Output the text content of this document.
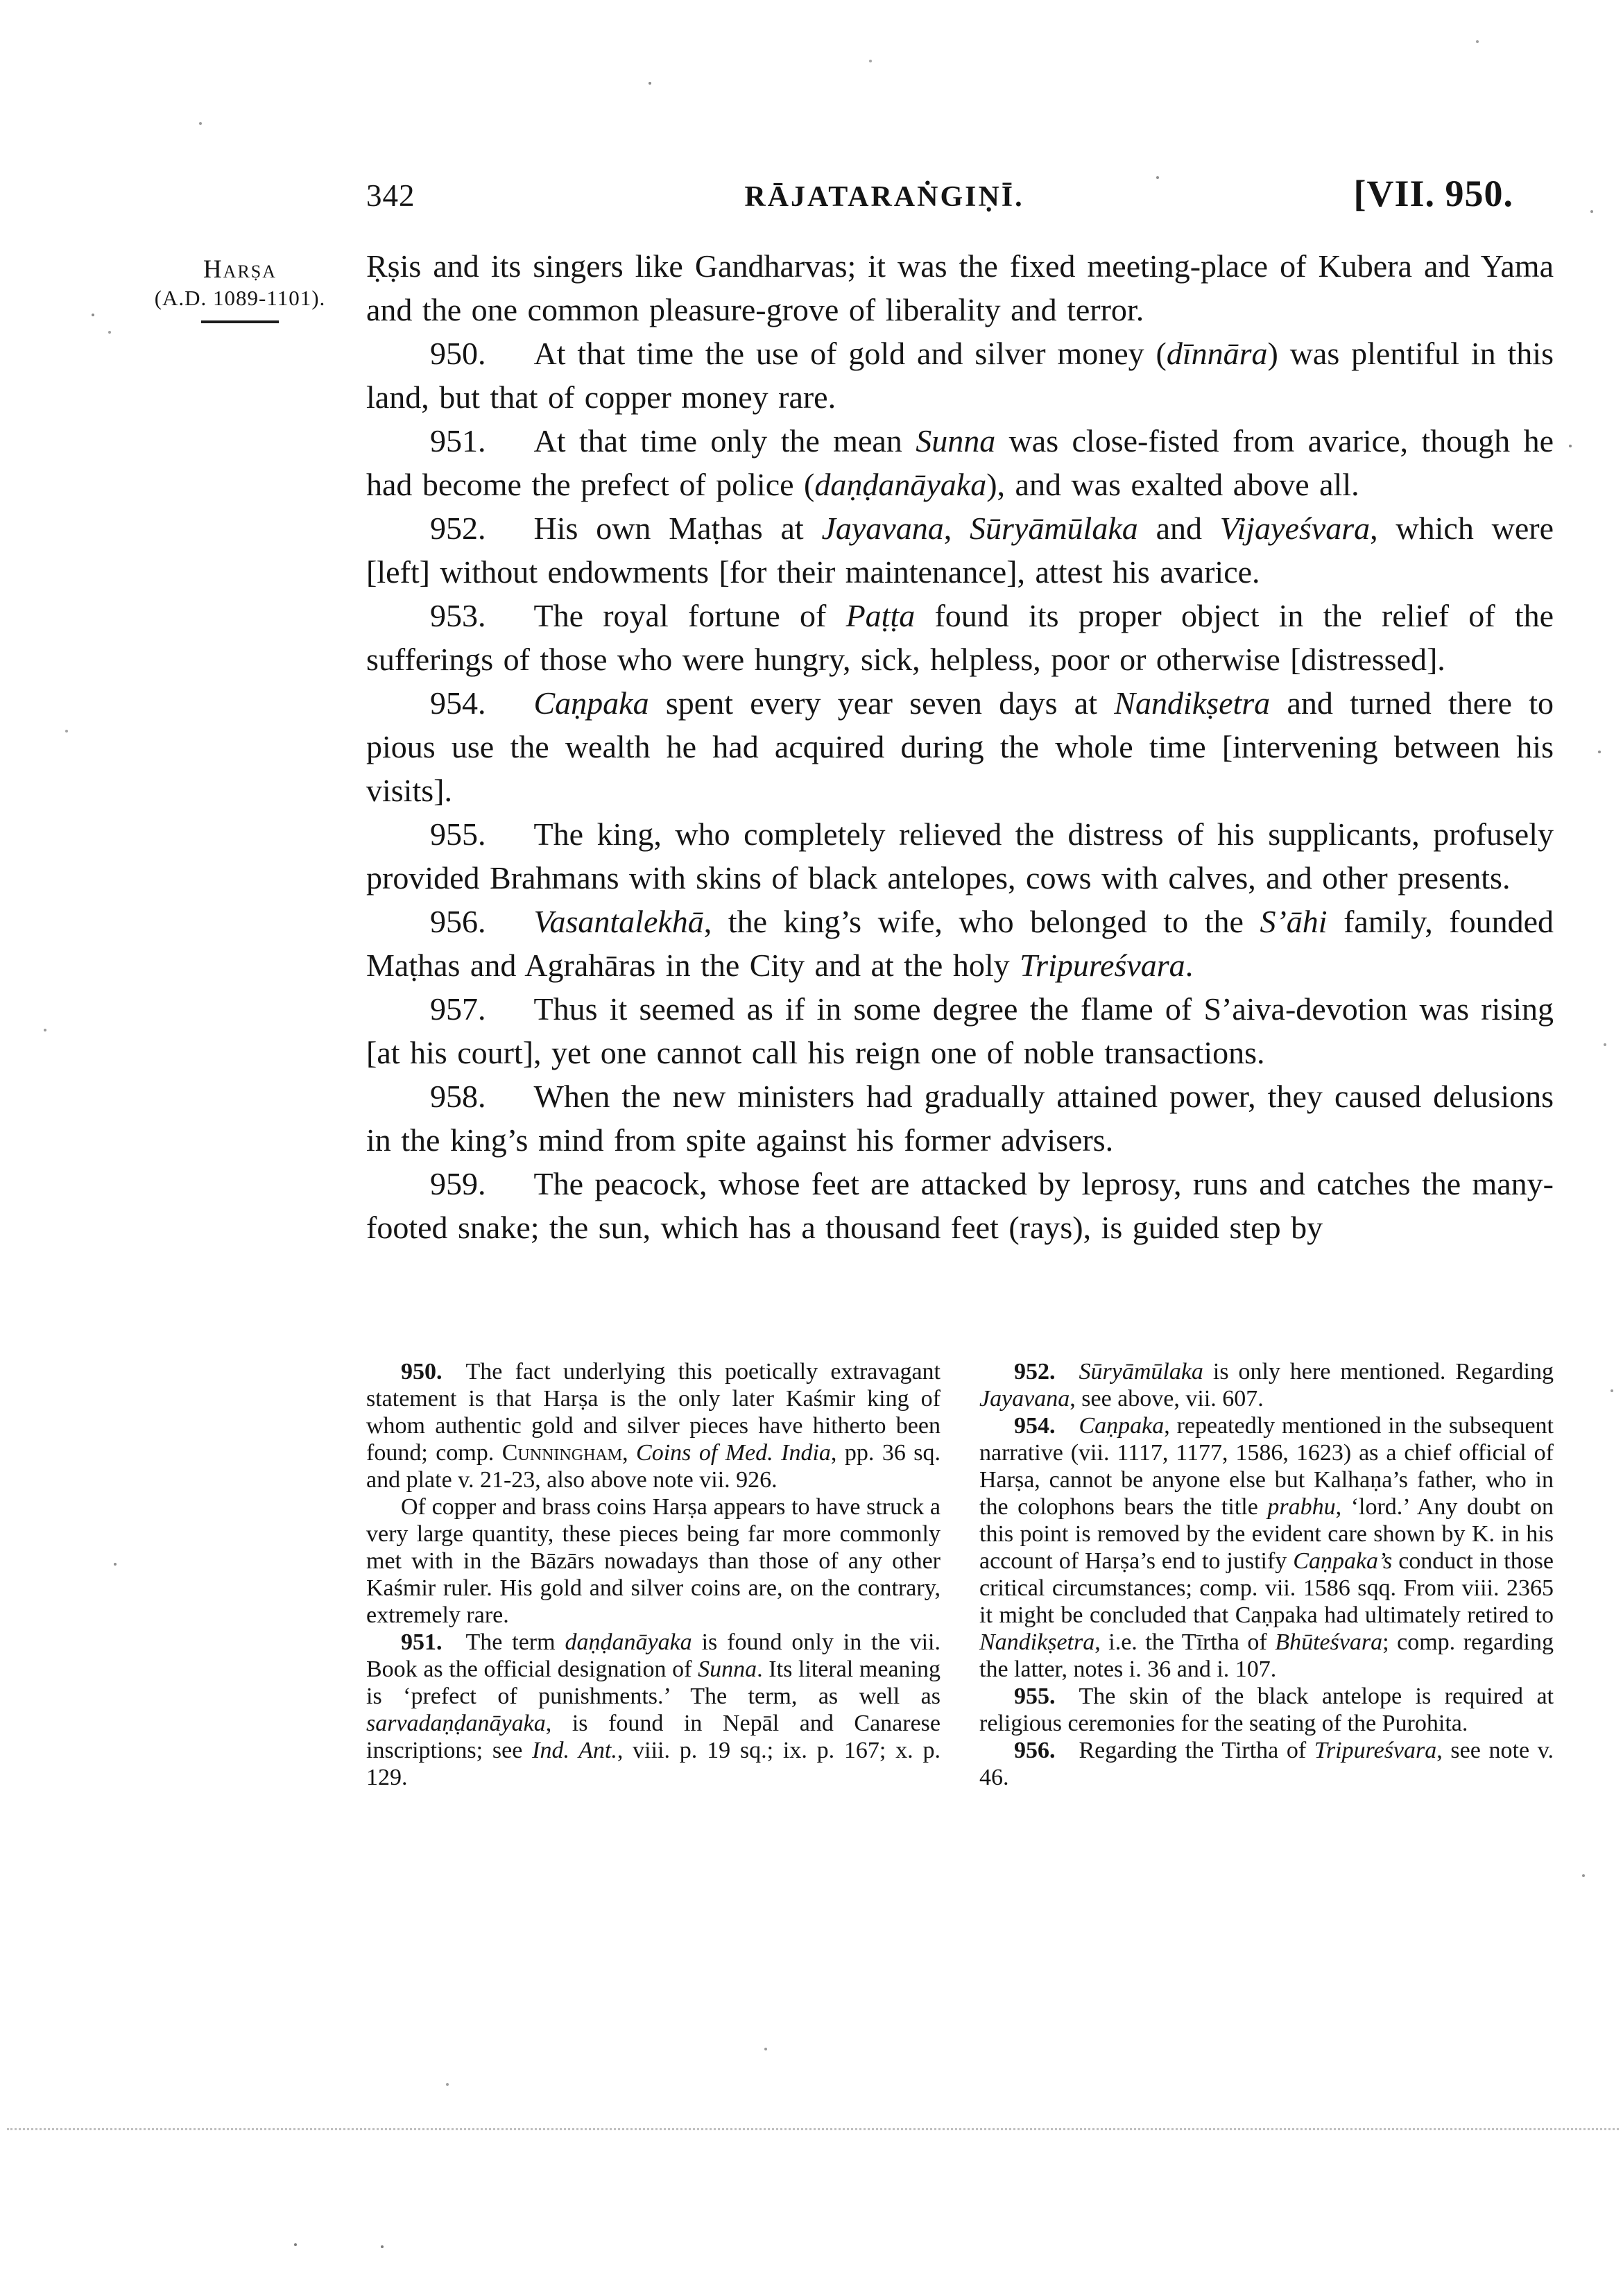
342	RĀJATARAṄGIṆĪ.	[VII. 950.
Harṣa
(A.D. 1089-1101).

Ṛṣis and its singers like Gandharvas; it was the fixed meeting-place of Kubera and Yama and the one common pleasure-grove of liberality and terror.

950.  At that time the use of gold and silver money (dīnnāra) was plentiful in this land, but that of copper money rare.

951.  At that time only the mean Sunna was close-fisted from avarice, though he had become the prefect of police (daṇḍanāyaka), and was exalted above all.

952.  His own Maṭhas at Jayavana, Sūryāmūlaka and Vijayeśvara, which were [left] without endowments [for their maintenance], attest his avarice.

953.  The royal fortune of Paṭṭa found its proper object in the relief of the sufferings of those who were hungry, sick, helpless, poor or otherwise [distressed].

954.  Caṇpaka spent every year seven days at Nandikṣetra and turned there to pious use the wealth he had acquired during the whole time [intervening between his visits].

955.  The king, who completely relieved the distress of his supplicants, profusely provided Brahmans with skins of black antelopes, cows with calves, and other presents.

956.  Vasantalekhā, the king’s wife, who belonged to the S’āhi family, founded Maṭhas and Agrahāras in the City and at the holy Tripureśvara.

957.  Thus it seemed as if in some degree the flame of S’aiva-devotion was rising [at his court], yet one cannot call his reign one of noble transactions.

958.  When the new ministers had gradually attained power, they caused delusions in the king’s mind from spite against his former advisers.

959.  The peacock, whose feet are attacked by leprosy, runs and catches the many-footed snake; the sun, which has a thousand feet (rays), is guided step by

950. The fact underlying this poetically extravagant statement is that Harṣa is the only later Kaśmir king of whom authentic gold and silver pieces have hitherto been found; comp. Cunningham, Coins of Med. India, pp. 36 sq. and plate v. 21-23, also above note vii. 926.

Of copper and brass coins Harṣa appears to have struck a very large quantity, these pieces being far more commonly met with in the Bāzārs nowadays than those of any other Kaśmir ruler. His gold and silver coins are, on the contrary, extremely rare.

951. The term daṇḍanāyaka is found only in the vii. Book as the official designation of Sunna. Its literal meaning is ‘prefect of punishments.’ The term, as well as sarvadaṇḍanāyaka, is found in Nepāl and Canarese inscriptions; see Ind. Ant., viii. p. 19 sq.; ix. p. 167; x. p. 129.

952. Sūryāmūlaka is only here mentioned. Regarding Jayavana, see above, vii. 607.

954. Caṇpaka, repeatedly mentioned in the subsequent narrative (vii. 1117, 1177, 1586, 1623) as a chief official of Harṣa, cannot be anyone else but Kalhaṇa’s father, who in the colophons bears the title prabhu, ‘lord.’ Any doubt on this point is removed by the evident care shown by K. in his account of Harṣa’s end to justify Caṇpaka’s conduct in those critical circumstances; comp. vii. 1586 sqq. From viii. 2365 it might be concluded that Caṇpaka had ultimately retired to Nandikṣetra, i.e. the Tīrtha of Bhūteśvara; comp. regarding the latter, notes i. 36 and i. 107.

955. The skin of the black antelope is required at religious ceremonies for the seating of the Purohita.

956. Regarding the Tirtha of Tripureśvara, see note v. 46.
